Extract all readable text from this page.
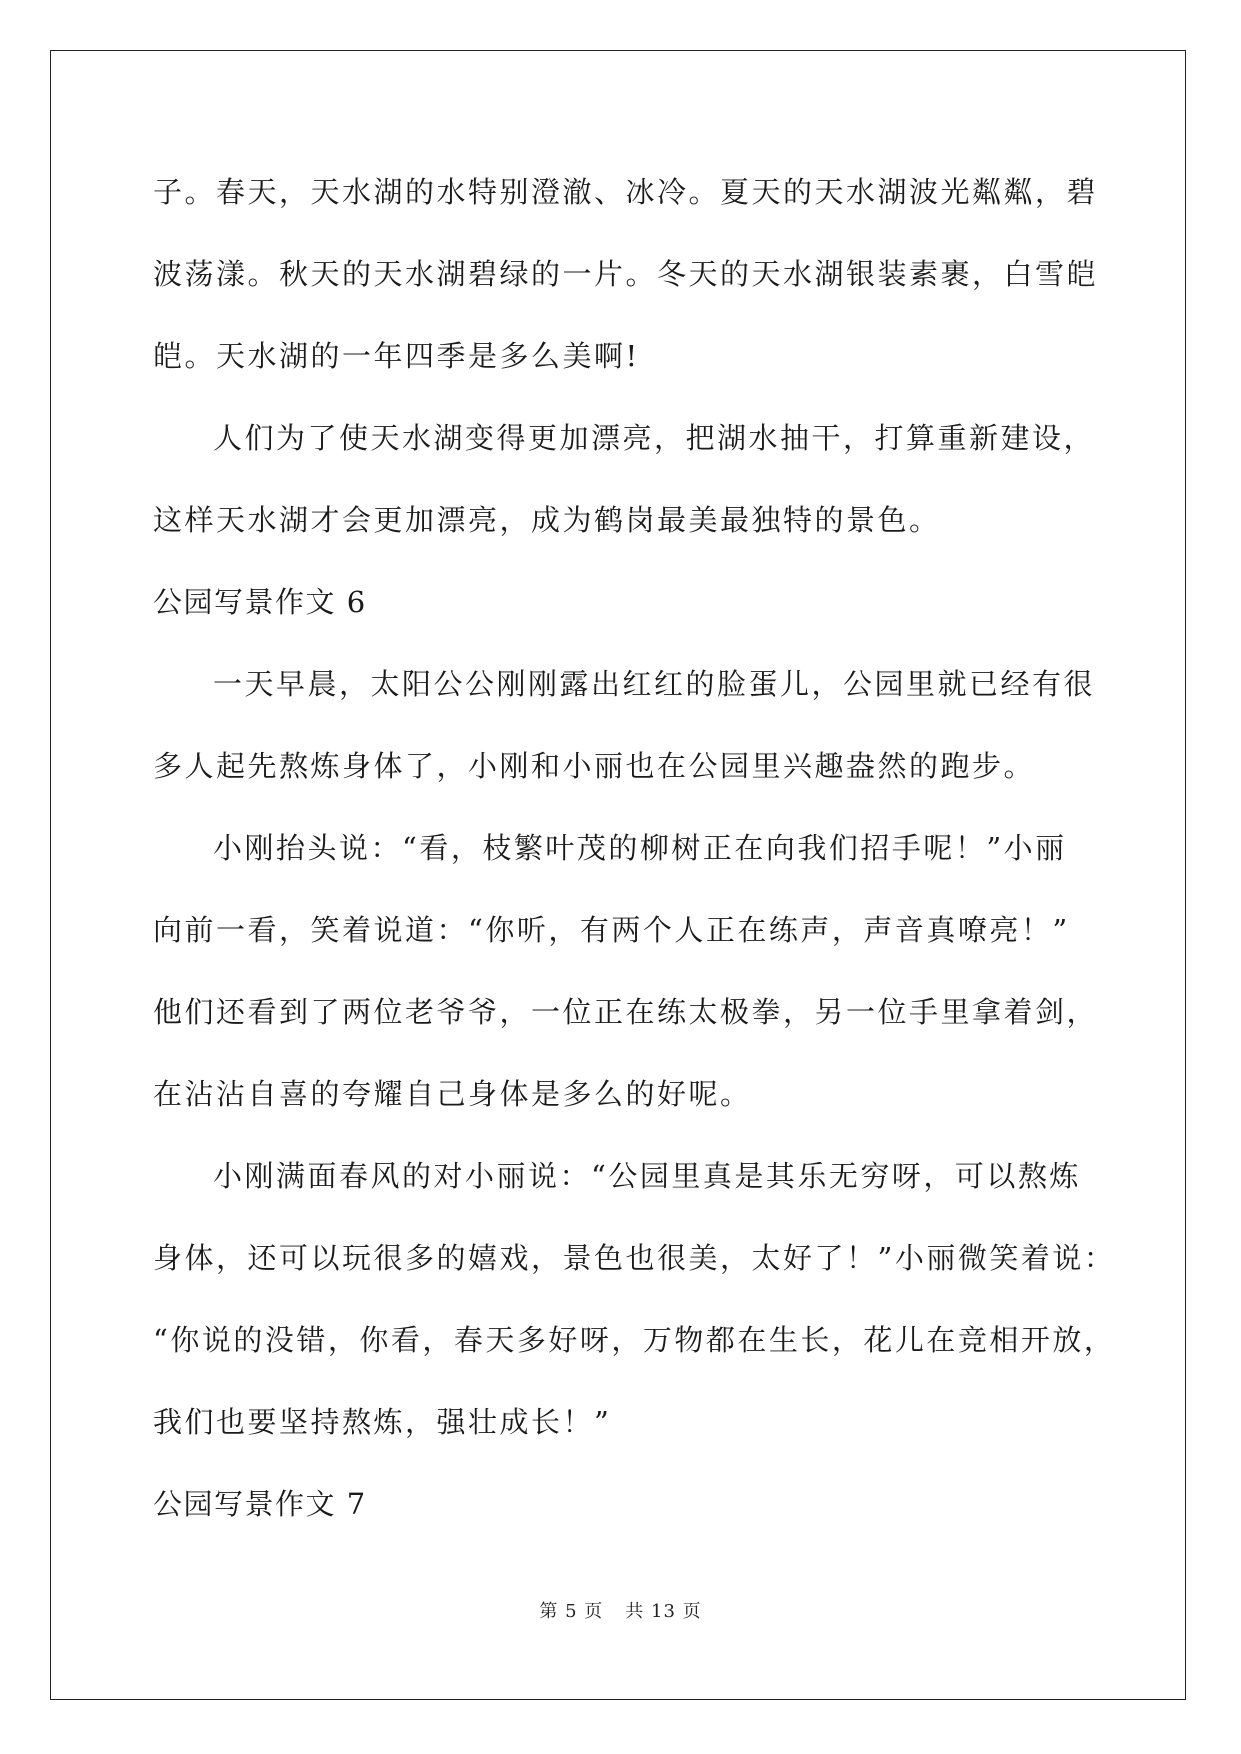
子。春天，天水湖的水特别澄澈、冰冷。夏天的天水湖波光粼粼，碧
波荡漾。秋天的天水湖碧绿的一片。冬天的天水湖银装素裹，白雪皑
皑。天水湖的一年四季是多么美啊!
人们为了使天水湖变得更加漂亮，把湖水抽干，打算重新建设，
这样天水湖才会更加漂亮，成为鹤岗最美最独特的景色。
公园写景作文 6
一天早晨，太阳公公刚刚露出红红的脸蛋儿，公园里就已经有很
多人起先熬炼身体了，小刚和小丽也在公园里兴趣盎然的跑步。
小刚抬头说：“看，枝繁叶茂的柳树正在向我们招手呢！”小丽
向前一看，笑着说道：“你听，有两个人正在练声，声音真嘹亮！”
他们还看到了两位老爷爷，一位正在练太极拳，另一位手里拿着剑，
在沾沾自喜的夸耀自己身体是多么的好呢。
小刚满面春风的对小丽说：“公园里真是其乐无穷呀，可以熬炼
身体，还可以玩很多的嬉戏，景色也很美，太好了！”小丽微笑着说：
“你说的没错，你看，春天多好呀，万物都在生长，花儿在竞相开放，
我们也要坚持熬炼，强壮成长！”
公园写景作文 7
第 5 页 共 13 页
